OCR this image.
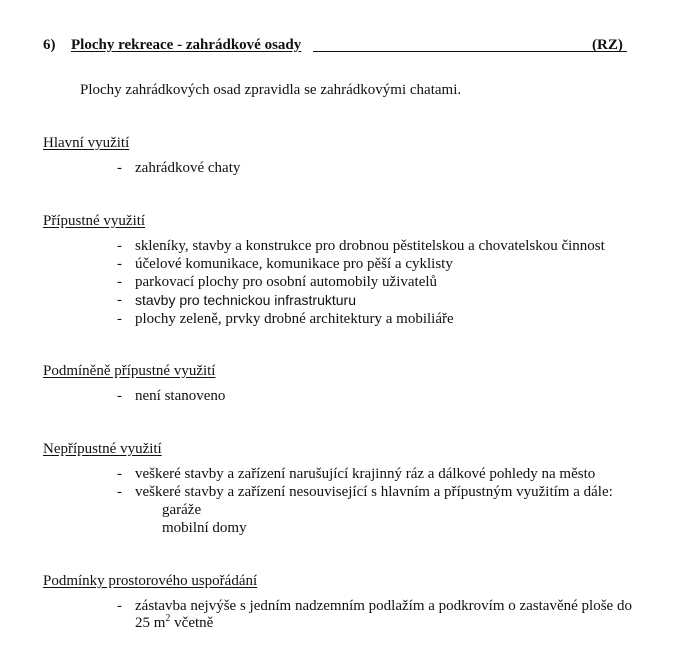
6) Plochy rekreace - zahrádkové osady	(RZ)
Plochy zahrádkových osad zpravidla se zahrádkovými chatami.
Hlavní využití
- zahrádkové chaty
Přípustné využití
- skleníky, stavby a konstrukce pro drobnou pěstitelskou a chovatelskou činnost
- účelové komunikace, komunikace pro pěší a cyklisty
- parkovací plochy pro osobní automobily uživatelů
- stavby pro technickou infrastrukturu
- plochy zeleně, prvky drobné architektury a mobiliáře
Podmíněně přípustné využití
- není stanoveno
Nepřípustné využití
- veškeré stavby a zařízení narušující krajinný ráz a dálkové pohledy na město
- veškeré stavby a zařízení nesouvisející s hlavním a přípustným využitím a dále:
garáže
mobilní domy
Podmínky prostorového uspořádání
- zástavba nejvýše s jedním nadzemním podlažím a podkrovím o zastavěné ploše do
25 $m^2$ včetně
